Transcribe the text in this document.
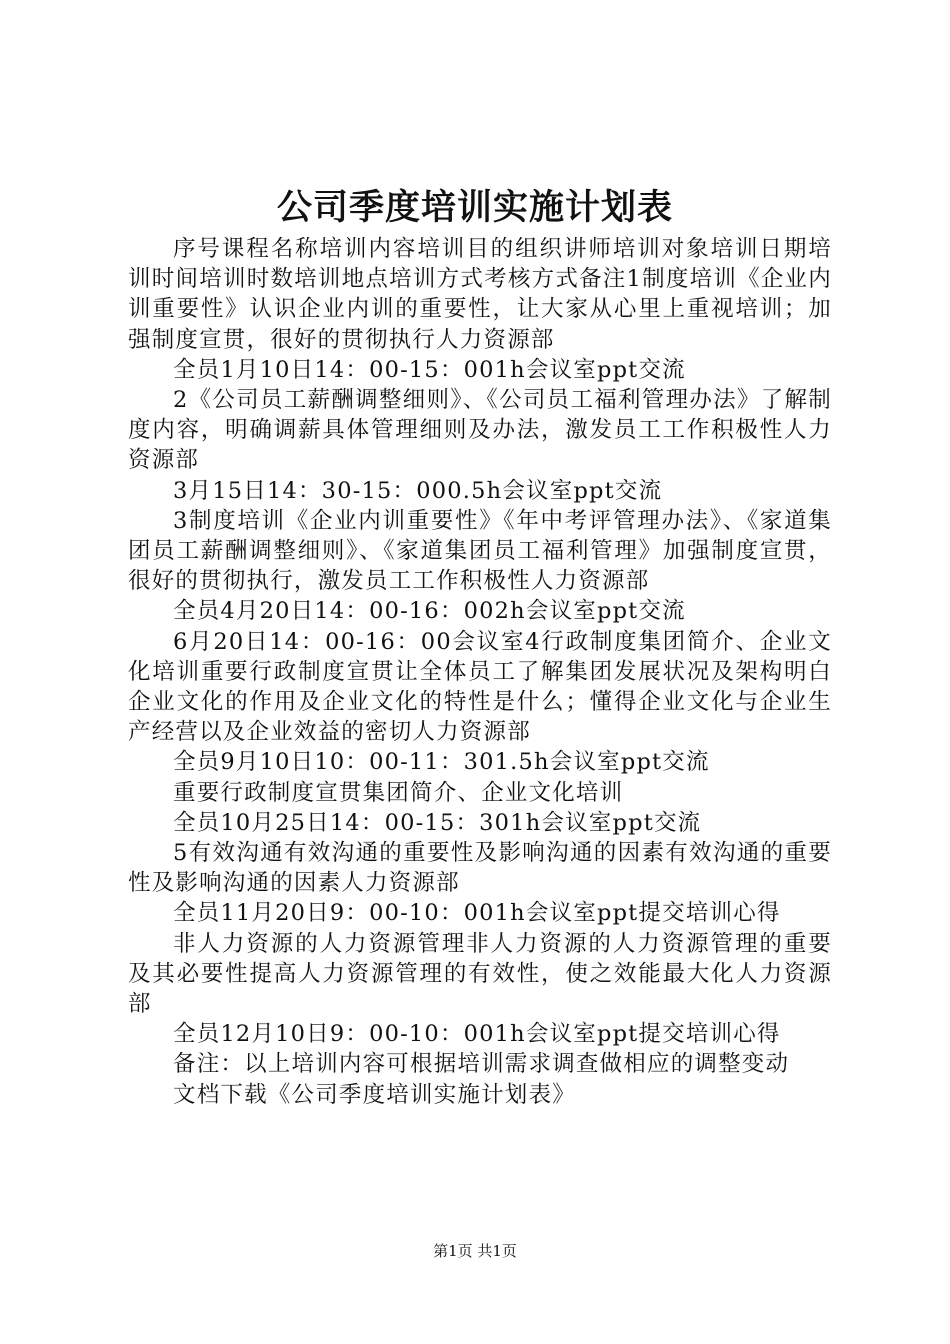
公司季度培训实施计划表

序号课程名称培训内容培训目的组织讲师培训对象培训日期培训时间培训时数培训地点培训方式考核方式备注1制度培训《企业内训重要性》认识企业内训的重要性，让大家从心里上重视培训；加强制度宣贯，很好的贯彻执行人力资源部

全员1月10日14：00-15：001h会议室ppt交流

2《公司员工薪酬调整细则》、《公司员工福利管理办法》了解制度内容，明确调薪具体管理细则及办法，激发员工工作积极性人力资源部

3月15日14：30-15：000.5h会议室ppt交流

3制度培训《企业内训重要性》《年中考评管理办法》、《家道集团员工薪酬调整细则》、《家道集团员工福利管理》加强制度宣贯，很好的贯彻执行，激发员工工作积极性人力资源部

全员4月20日14：00-16：002h会议室ppt交流

6月20日14：00-16：00会议室4行政制度集团简介、企业文化培训重要行政制度宣贯让全体员工了解集团发展状况及架构明白企业文化的作用及企业文化的特性是什么；懂得企业文化与企业生产经营以及企业效益的密切人力资源部

全员9月10日10：00-11：301.5h会议室ppt交流

重要行政制度宣贯集团简介、企业文化培训

全员10月25日14：00-15：301h会议室ppt交流

5有效沟通有效沟通的重要性及影响沟通的因素有效沟通的重要性及影响沟通的因素人力资源部

全员11月20日9：00-10：001h会议室ppt提交培训心得

非人力资源的人力资源管理非人力资源的人力资源管理的重要及其必要性提高人力资源管理的有效性，使之效能最大化人力资源部

全员12月10日9：00-10：001h会议室ppt提交培训心得

备注：以上培训内容可根据培训需求调查做相应的调整变动

文档下载《公司季度培训实施计划表》

第1页 共1页
